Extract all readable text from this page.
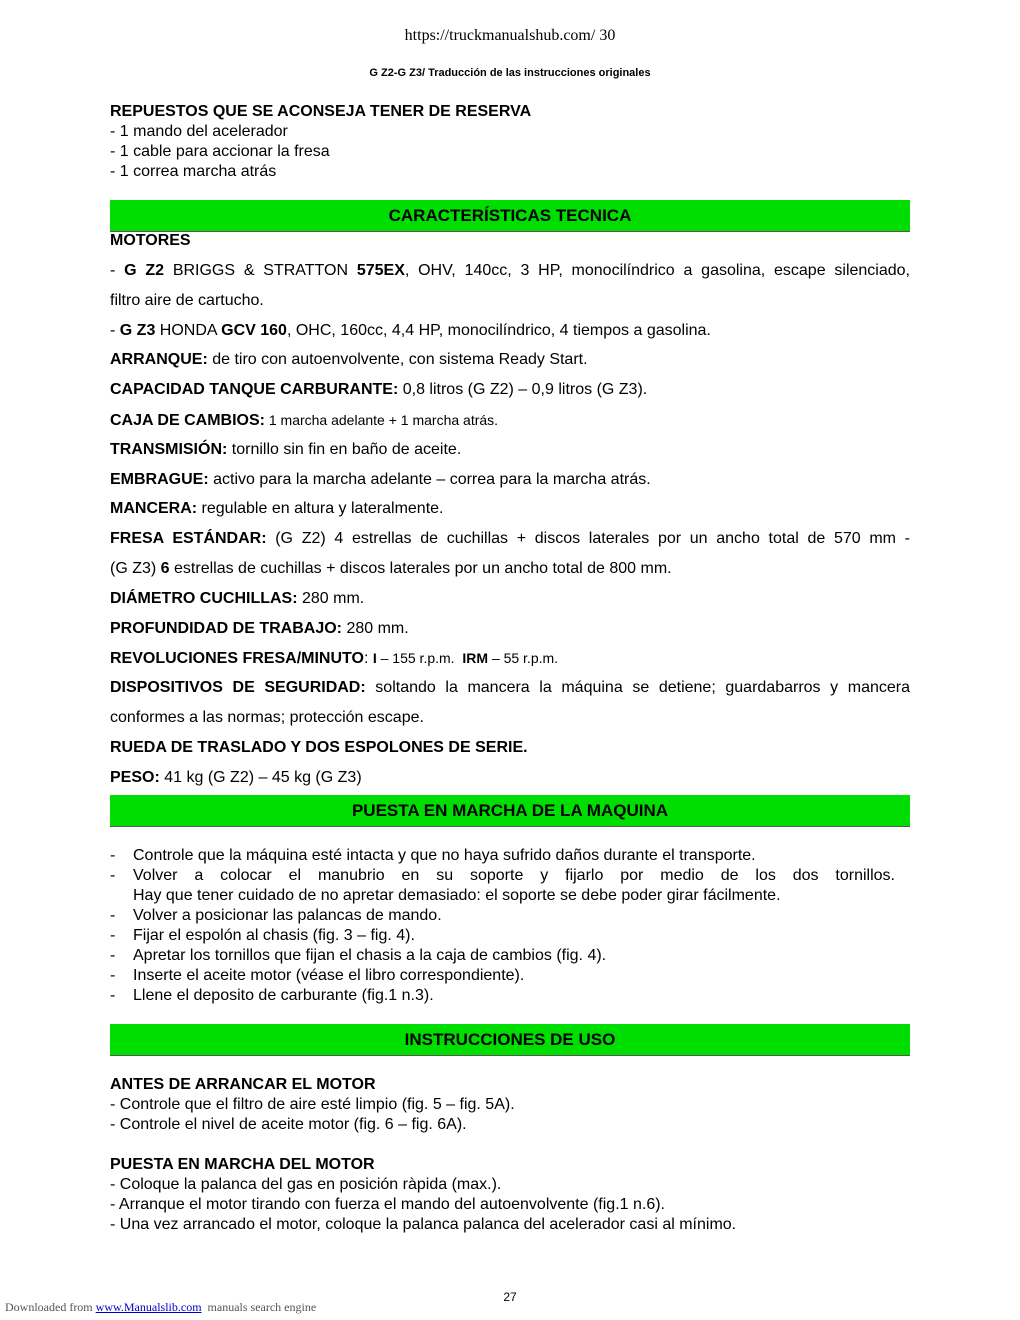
https://truckmanualshub.com/ 30
G Z2-G Z3/ Traducción de las instrucciones originales
REPUESTOS QUE SE ACONSEJA TENER DE RESERVA
- 1 mando del acelerador
- 1 cable para accionar la fresa
- 1 correa marcha atrás
CARACTERÍSTICAS TECNICA
MOTORES
- G Z2 BRIGGS & STRATTON 575EX, OHV, 140cc, 3 HP, monocilíndrico a gasolina, escape silenciado,
filtro aire de cartucho.
- G Z3 HONDA GCV 160, OHC, 160cc, 4,4 HP, monocilíndrico, 4 tiempos a gasolina.
ARRANQUE: de tiro con autoenvolvente, con sistema Ready Start.
CAPACIDAD TANQUE CARBURANTE: 0,8 litros (G Z2) – 0,9 litros (G Z3).
CAJA DE CAMBIOS: 1 marcha adelante + 1 marcha atrás.
TRANSMISIÓN: tornillo sin fin en baño de aceite.
EMBRAGUE: activo para la marcha adelante – correa para la marcha atrás.
MANCERA: regulable en altura y lateralmente.
FRESA ESTÁNDAR: (G Z2) 4 estrellas de cuchillas + discos laterales por un ancho total de 570 mm -
(G Z3) 6 estrellas de cuchillas + discos laterales por un ancho total de 800 mm.
DIÁMETRO CUCHILLAS: 280 mm.
PROFUNDIDAD DE TRABAJO: 280 mm.
REVOLUCIONES FRESA/MINUTO: I – 155 r.p.m.  IRM – 55 r.p.m.
DISPOSITIVOS DE SEGURIDAD: soltando la mancera la máquina se detiene; guardabarros y mancera
conformes a las normas; protección escape.
RUEDA DE TRASLADO Y DOS ESPOLONES DE SERIE.
PESO: 41 kg (G Z2) – 45 kg (G Z3)
PUESTA EN MARCHA DE LA MAQUINA
- Controle que la máquina esté intacta y que no haya sufrido daños durante el transporte.
- Volver a colocar el manubrio en su soporte y fijarlo por medio de los dos tornillos.
Hay que tener cuidado de no apretar demasiado: el soporte se debe poder girar fácilmente.
- Volver a posicionar las palancas de mando.
- Fijar el espolón al chasis (fig. 3 – fig. 4).
- Apretar los tornillos que fijan el chasis a la caja de cambios (fig. 4).
- Inserte el aceite motor (véase el libro correspondiente).
- Llene el deposito de carburante (fig.1 n.3).
INSTRUCCIONES DE USO
ANTES DE ARRANCAR EL MOTOR
- Controle que el filtro de aire esté limpio (fig. 5 – fig. 5A).
- Controle el nivel de aceite motor (fig. 6 – fig. 6A).
PUESTA EN MARCHA DEL MOTOR
- Coloque la palanca del gas en posición ràpida (max.).
- Arranque el motor tirando con fuerza el mando del autoenvolvente (fig.1 n.6).
- Una vez arrancado el motor, coloque la palanca palanca del acelerador casi al mínimo.
27
Downloaded from www.Manualslib.com  manuals search engine
